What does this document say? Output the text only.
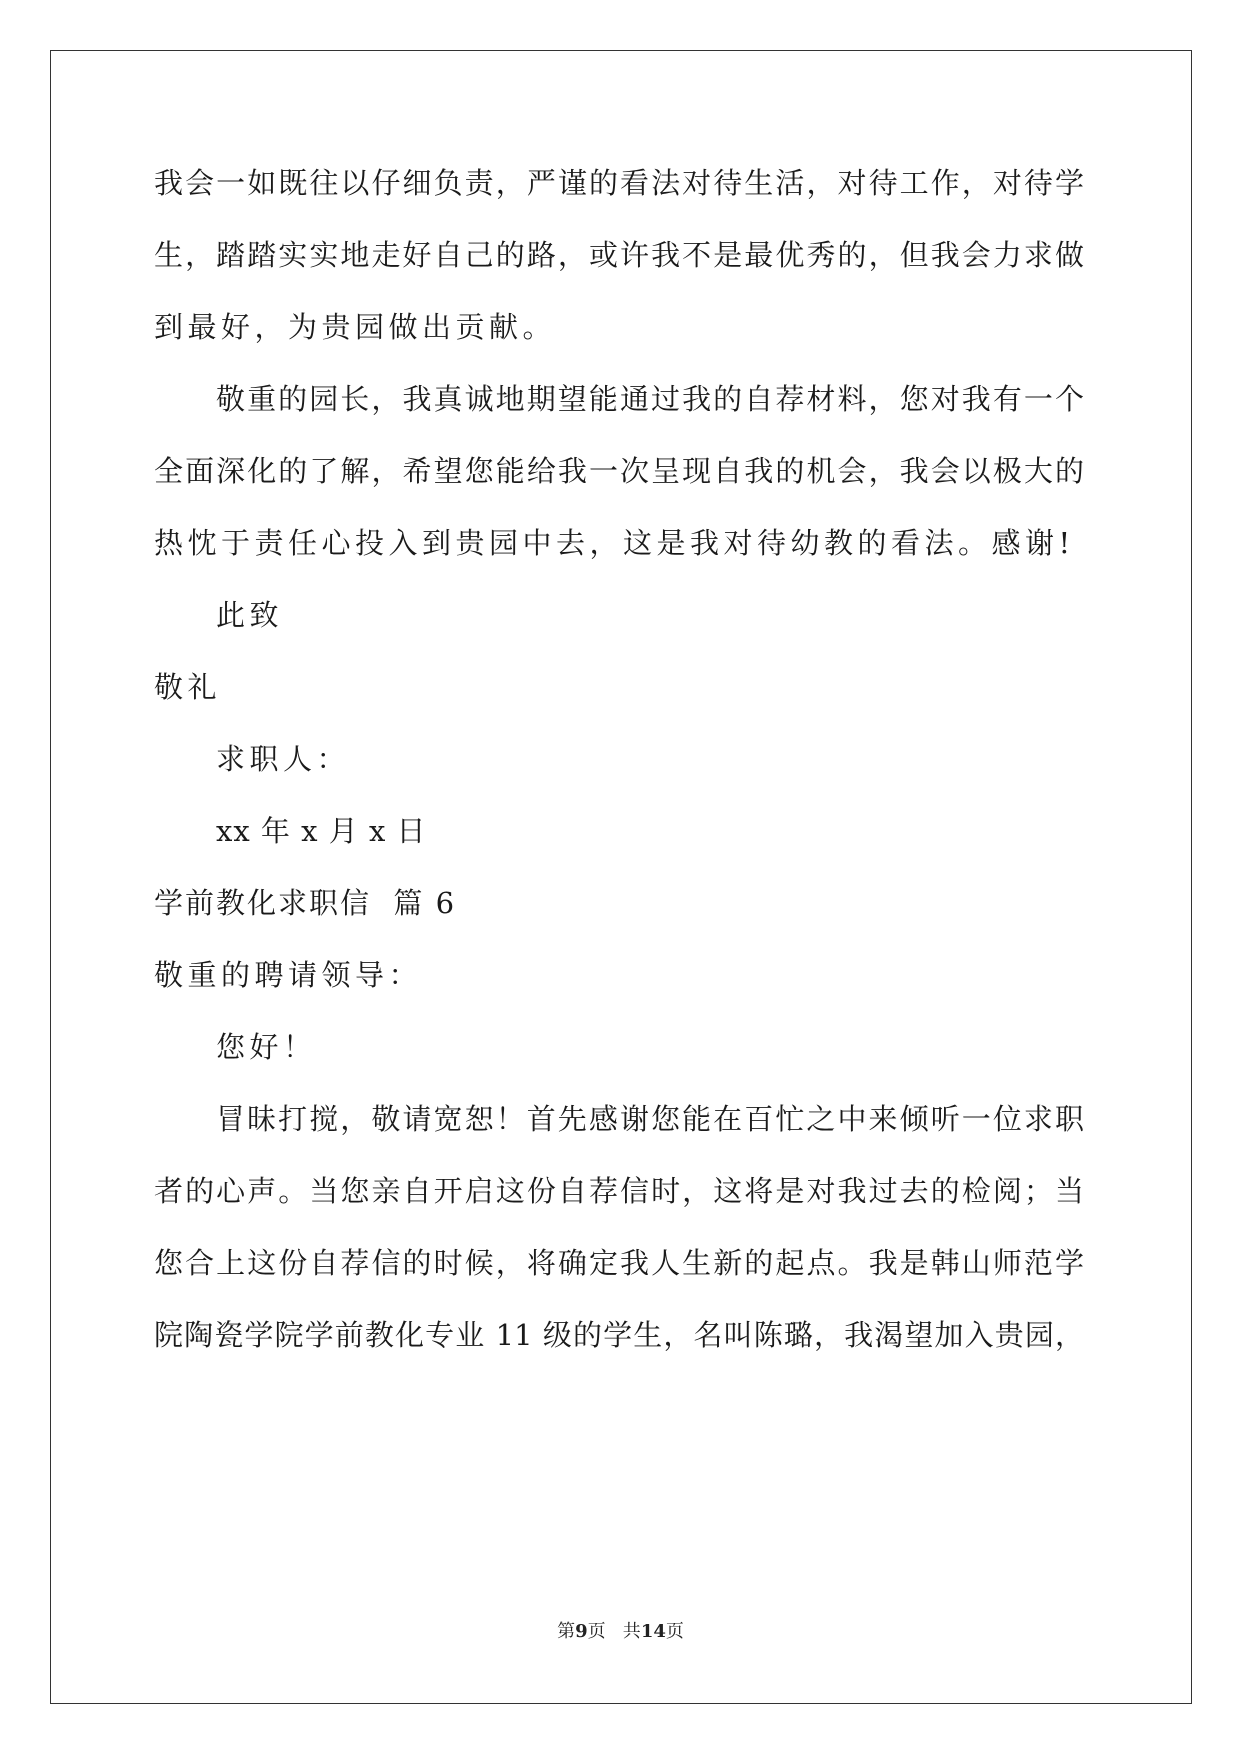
我会一如既往以仔细负责，严谨的看法对待生活，对待工作，对待学
生，踏踏实实地走好自己的路，或许我不是最优秀的，但我会力求做
到最好，为贵园做出贡献。
敬重的园长，我真诚地期望能通过我的自荐材料，您对我有一个
全面深化的了解，希望您能给我一次呈现自我的机会，我会以极大的
热忱于责任心投入到贵园中去，这是我对待幼教的看法。感谢!
此致
敬礼
求职人：
xx 年 x 月 x 日
学前教化求职信  篇 6
敬重的聘请领导：
您好！
冒昧打搅，敬请宽恕！首先感谢您能在百忙之中来倾听一位求职
者的心声。当您亲自开启这份自荐信时，这将是对我过去的检阅；当
您合上这份自荐信的时候，将确定我人生新的起点。我是韩山师范学
院陶瓷学院学前教化专业 11 级的学生，名叫陈璐，我渴望加入贵园，
第9页   共14页
